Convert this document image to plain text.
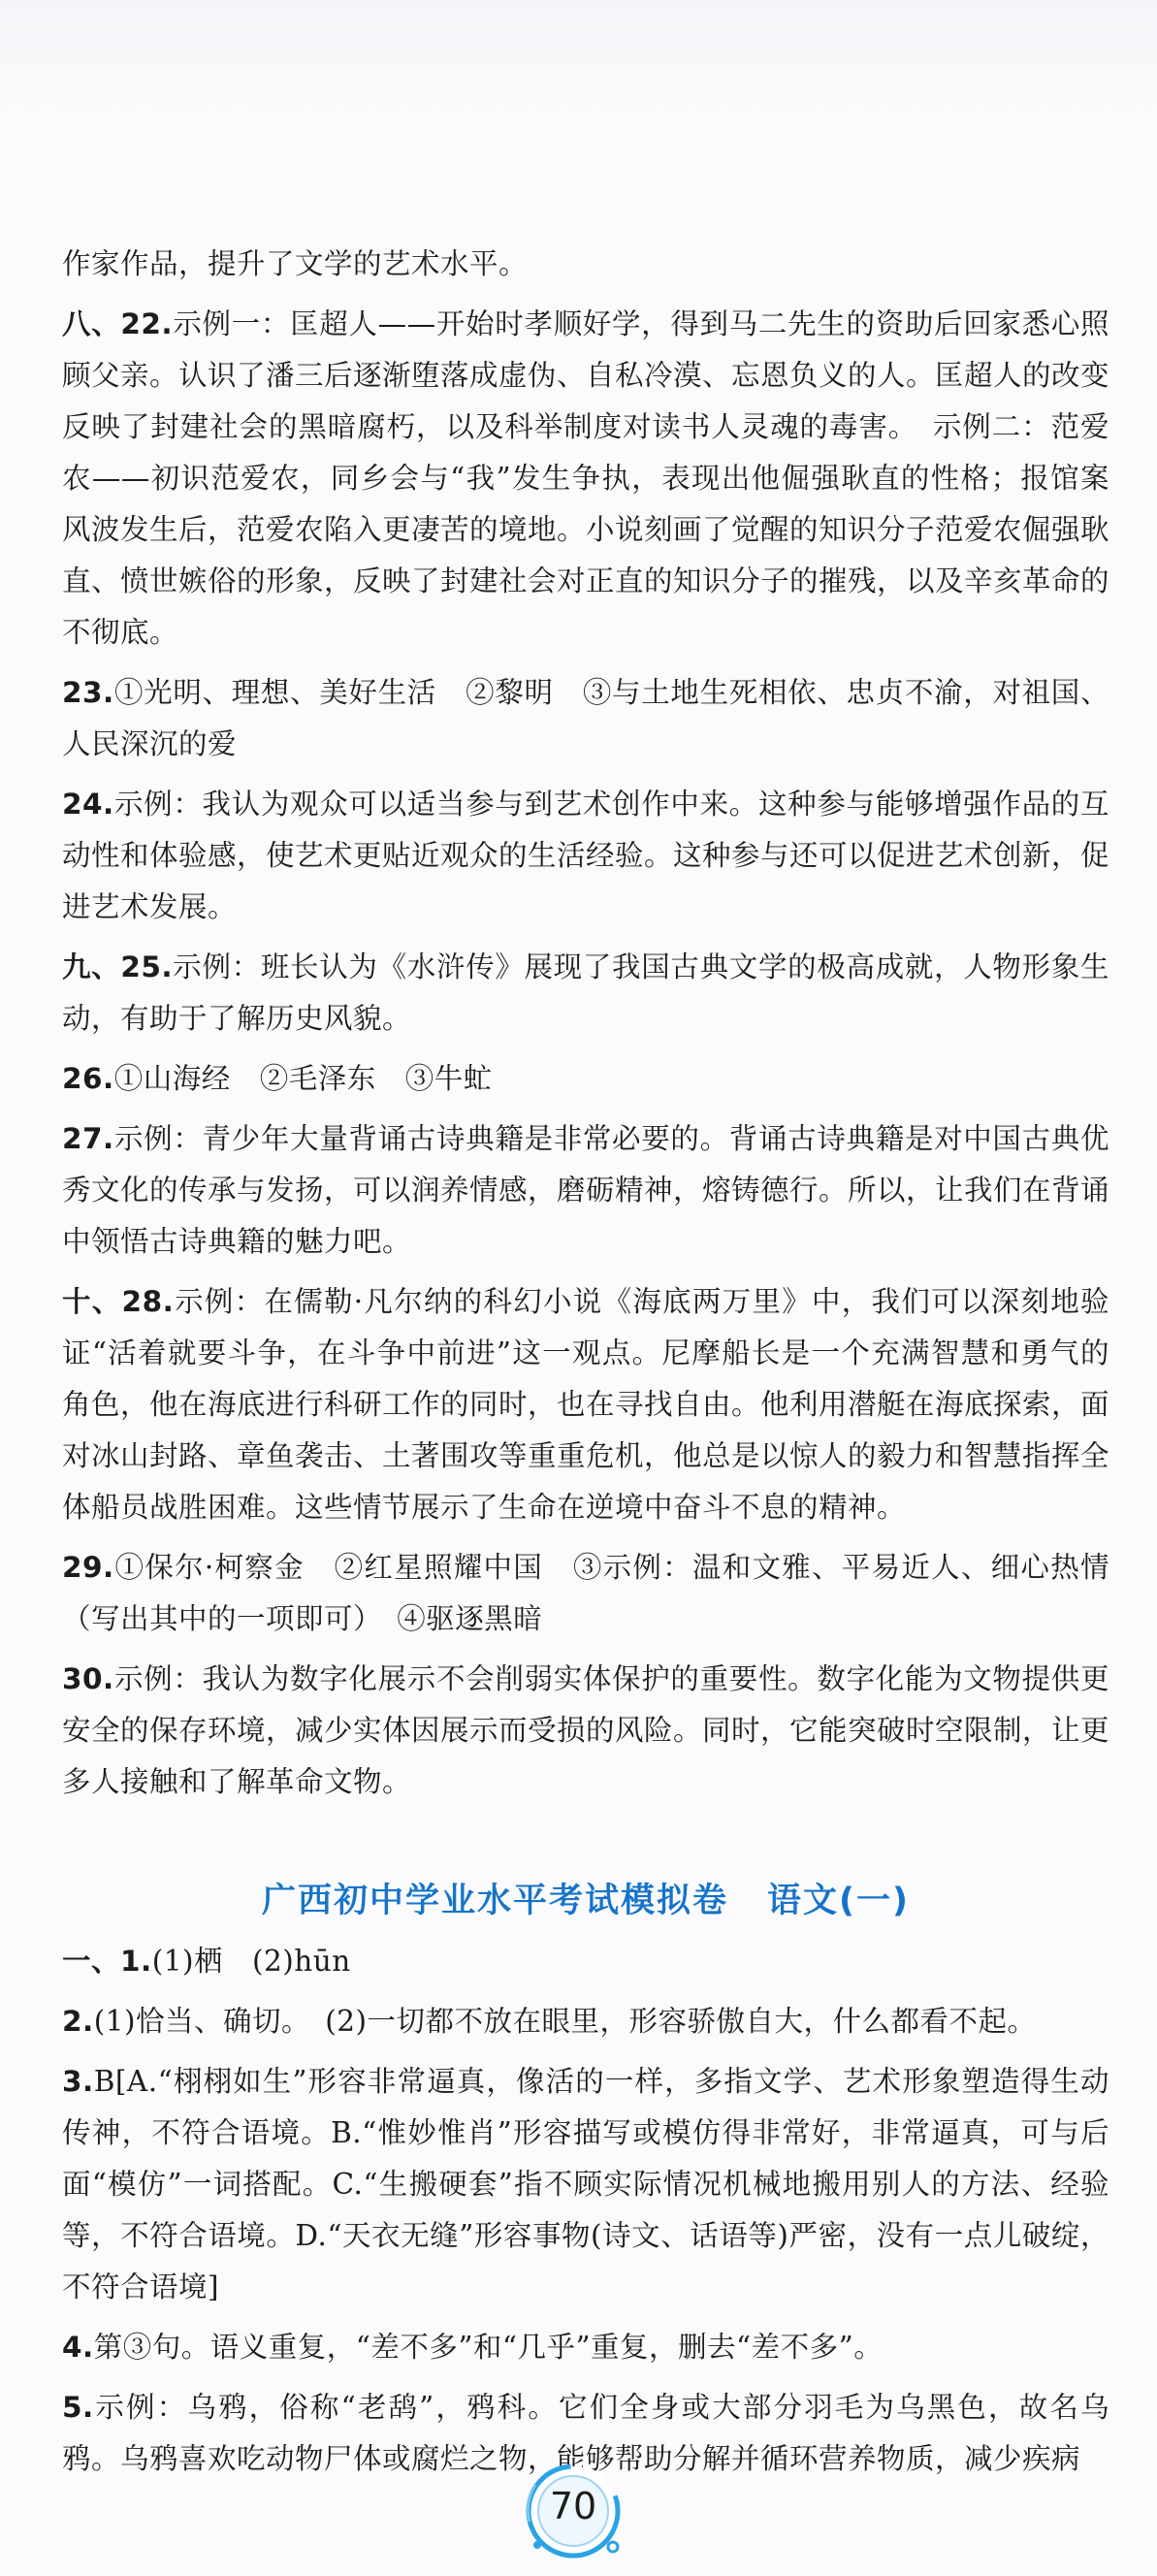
作家作品，提升了文学的艺术水平。
八、22.示例一：匡超人——开始时孝顺好学，得到马二先生的资助后回家悉心照顾父亲。认识了潘三后逐渐堕落成虚伪、自私冷漠、忘恩负义的人。匡超人的改变反映了封建社会的黑暗腐朽，以及科举制度对读书人灵魂的毒害。　示例二：范爱农——初识范爱农，同乡会与“我”发生争执，表现出他倔强耿直的性格；报馆案风波发生后，范爱农陷入更凄苦的境地。小说刻画了觉醒的知识分子范爱农倔强耿直、愤世嫉俗的形象，反映了封建社会对正直的知识分子的摧残，以及辛亥革命的不彻底。
23.①光明、理想、美好生活　②黎明　③与土地生死相依、忠贞不渝，对祖国、人民深沉的爱
24.示例：我认为观众可以适当参与到艺术创作中来。这种参与能够增强作品的互动性和体验感，使艺术更贴近观众的生活经验。这种参与还可以促进艺术创新，促进艺术发展。
九、25.示例：班长认为《水浒传》展现了我国古典文学的极高成就，人物形象生动，有助于了解历史风貌。
26.①山海经　②毛泽东　③牛虻
27.示例：青少年大量背诵古诗典籍是非常必要的。背诵古诗典籍是对中国古典优秀文化的传承与发扬，可以润养情感，磨砺精神，熔铸德行。所以，让我们在背诵中领悟古诗典籍的魅力吧。
十、28.示例：在儒勒·凡尔纳的科幻小说《海底两万里》中，我们可以深刻地验证“活着就要斗争，在斗争中前进”这一观点。尼摩船长是一个充满智慧和勇气的角色，他在海底进行科研工作的同时，也在寻找自由。他利用潜艇在海底探索，面对冰山封路、章鱼袭击、土著围攻等重重危机，他总是以惊人的毅力和智慧指挥全体船员战胜困难。这些情节展示了生命在逆境中奋斗不息的精神。
29.①保尔·柯察金　②红星照耀中国　③示例：温和文雅、平易近人、细心热情（写出其中的一项即可）　④驱逐黑暗
30.示例：我认为数字化展示不会削弱实体保护的重要性。数字化能为文物提供更安全的保存环境，减少实体因展示而受损的风险。同时，它能突破时空限制，让更多人接触和了解革命文物。
广西初中学业水平考试模拟卷 语文(一)
一、1.(1)栖　(2)hūn
2.(1)恰当、确切。　(2)一切都不放在眼里，形容骄傲自大，什么都看不起。
3.B[A.“栩栩如生”形容非常逼真，像活的一样，多指文学、艺术形象塑造得生动传神，不符合语境。B.“惟妙惟肖”形容描写或模仿得非常好，非常逼真，可与后面“模仿”一词搭配。C.“生搬硬套”指不顾实际情况机械地搬用别人的方法、经验等，不符合语境。D.“天衣无缝”形容事物(诗文、话语等)严密，没有一点儿破绽，不符合语境]
4.第③句。语义重复，“差不多”和“几乎”重复，删去“差不多”。
5.示例：乌鸦，俗称“老鸹”，鸦科。它们全身或大部分羽毛为乌黑色，故名乌鸦。乌鸦喜欢吃动物尸体或腐烂之物，能够帮助分解并循环营养物质，减少疾病
70
